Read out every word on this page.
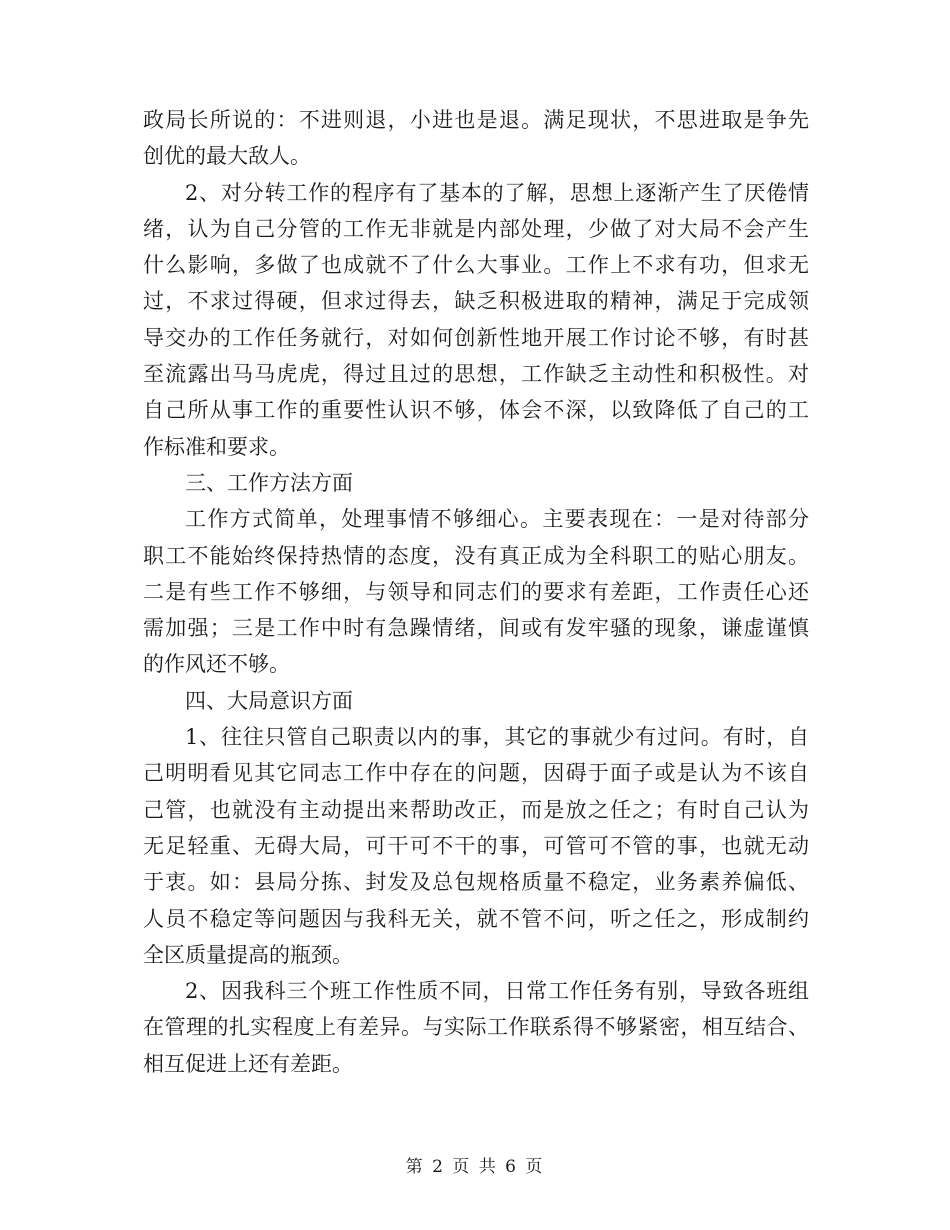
政局长所说的：不进则退，小进也是退。满足现状，不思进取是争先
创优的最大敌人。
2、对分转工作的程序有了基本的了解，思想上逐渐产生了厌倦情
绪，认为自己分管的工作无非就是内部处理，少做了对大局不会产生
什么影响，多做了也成就不了什么大事业。工作上不求有功，但求无
过，不求过得硬，但求过得去，缺乏积极进取的精神，满足于完成领
导交办的工作任务就行，对如何创新性地开展工作讨论不够，有时甚
至流露出马马虎虎，得过且过的思想，工作缺乏主动性和积极性。对
自己所从事工作的重要性认识不够，体会不深，以致降低了自己的工
作标准和要求。
三、工作方法方面
工作方式简单，处理事情不够细心。主要表现在：一是对待部分
职工不能始终保持热情的态度，没有真正成为全科职工的贴心朋友。
二是有些工作不够细，与领导和同志们的要求有差距，工作责任心还
需加强；三是工作中时有急躁情绪，间或有发牢骚的现象，谦虚谨慎
的作风还不够。
四、大局意识方面
1、往往只管自己职责以内的事，其它的事就少有过问。有时，自
己明明看见其它同志工作中存在的问题，因碍于面子或是认为不该自
己管，也就没有主动提出来帮助改正，而是放之任之；有时自己认为
无足轻重、无碍大局，可干可不干的事，可管可不管的事，也就无动
于衷。如：县局分拣、封发及总包规格质量不稳定，业务素养偏低、
人员不稳定等问题因与我科无关，就不管不问，听之任之，形成制约
全区质量提高的瓶颈。
2、因我科三个班工作性质不同，日常工作任务有别，导致各班组
在管理的扎实程度上有差异。与实际工作联系得不够紧密，相互结合、
相互促进上还有差距。
第 2 页 共 6 页
